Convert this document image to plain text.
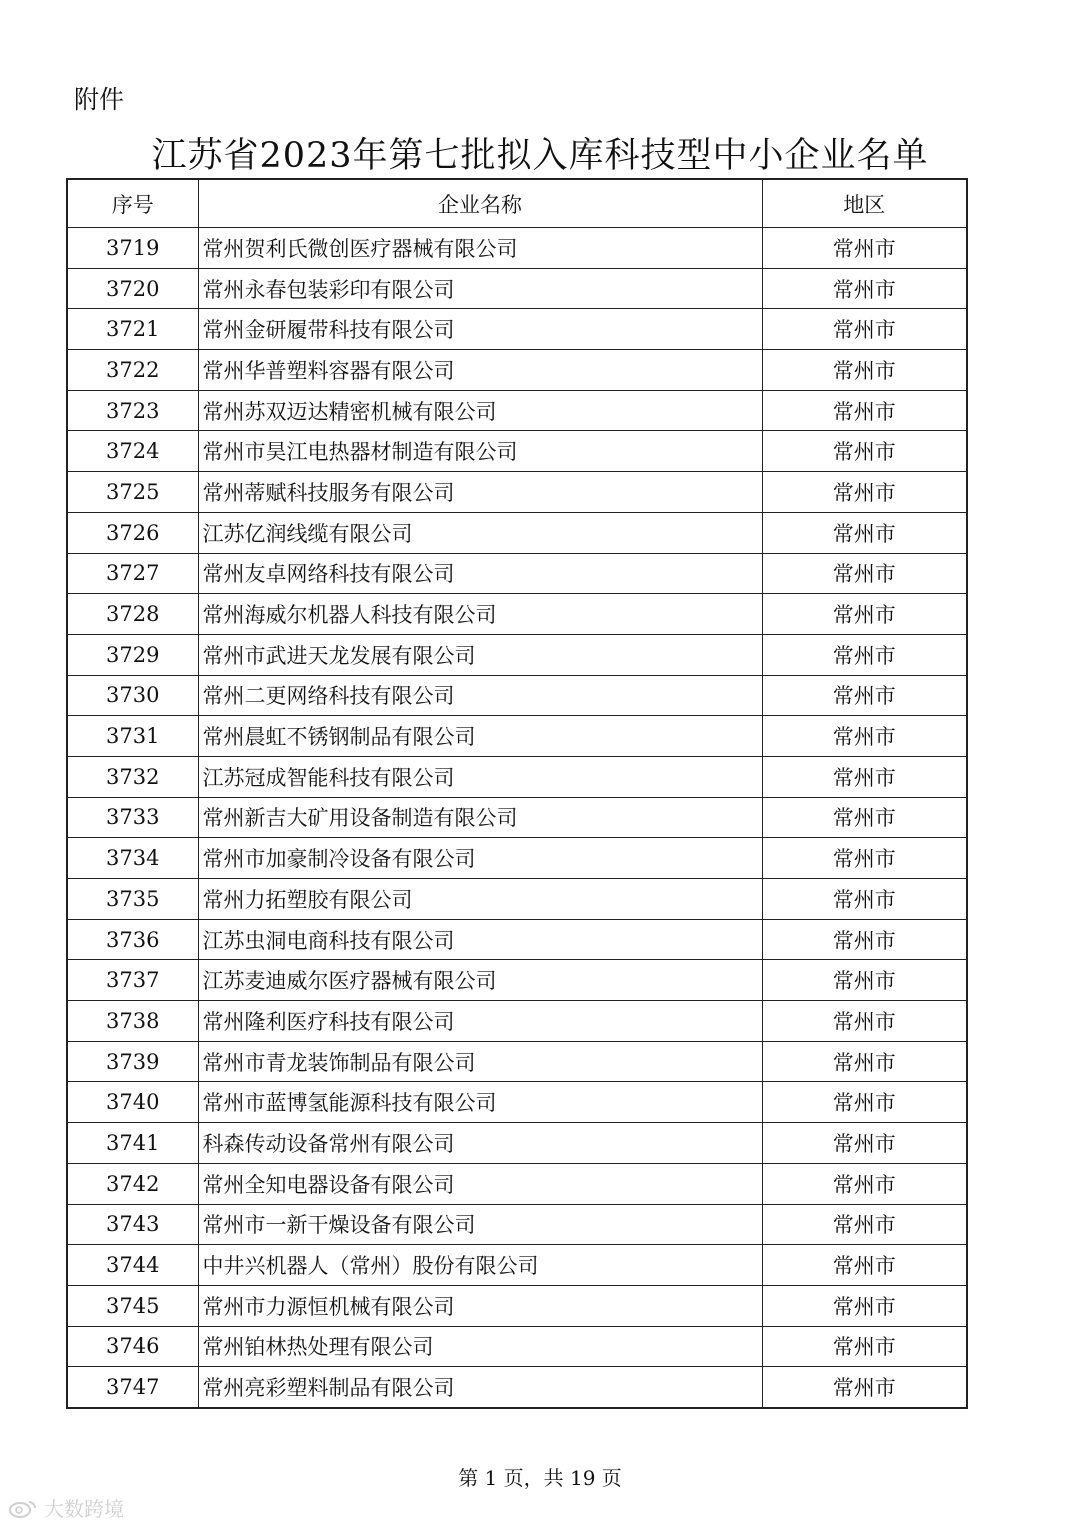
附件
江苏省2023年第七批拟入库科技型中小企业名单
序号	企业名称	地区
3719	常州贺利氏微创医疗器械有限公司	常州市
3720	常州永春包装彩印有限公司	常州市
3721	常州金研履带科技有限公司	常州市
3722	常州华普塑料容器有限公司	常州市
3723	常州苏双迈达精密机械有限公司	常州市
3724	常州市昊江电热器材制造有限公司	常州市
3725	常州蒂赋科技服务有限公司	常州市
3726	江苏亿润线缆有限公司	常州市
3727	常州友卓网络科技有限公司	常州市
3728	常州海威尔机器人科技有限公司	常州市
3729	常州市武进天龙发展有限公司	常州市
3730	常州二更网络科技有限公司	常州市
3731	常州晨虹不锈钢制品有限公司	常州市
3732	江苏冠成智能科技有限公司	常州市
3733	常州新吉大矿用设备制造有限公司	常州市
3734	常州市加豪制冷设备有限公司	常州市
3735	常州力拓塑胶有限公司	常州市
3736	江苏虫洞电商科技有限公司	常州市
3737	江苏麦迪威尔医疗器械有限公司	常州市
3738	常州隆利医疗科技有限公司	常州市
3739	常州市青龙装饰制品有限公司	常州市
3740	常州市蓝博氢能源科技有限公司	常州市
3741	科森传动设备常州有限公司	常州市
3742	常州全知电器设备有限公司	常州市
3743	常州市一新干燥设备有限公司	常州市
3744	中井兴机器人（常州）股份有限公司	常州市
3745	常州市力源恒机械有限公司	常州市
3746	常州铂林热处理有限公司	常州市
3747	常州亮彩塑料制品有限公司	常州市
第 1 页，共 19 页
大数跨境
